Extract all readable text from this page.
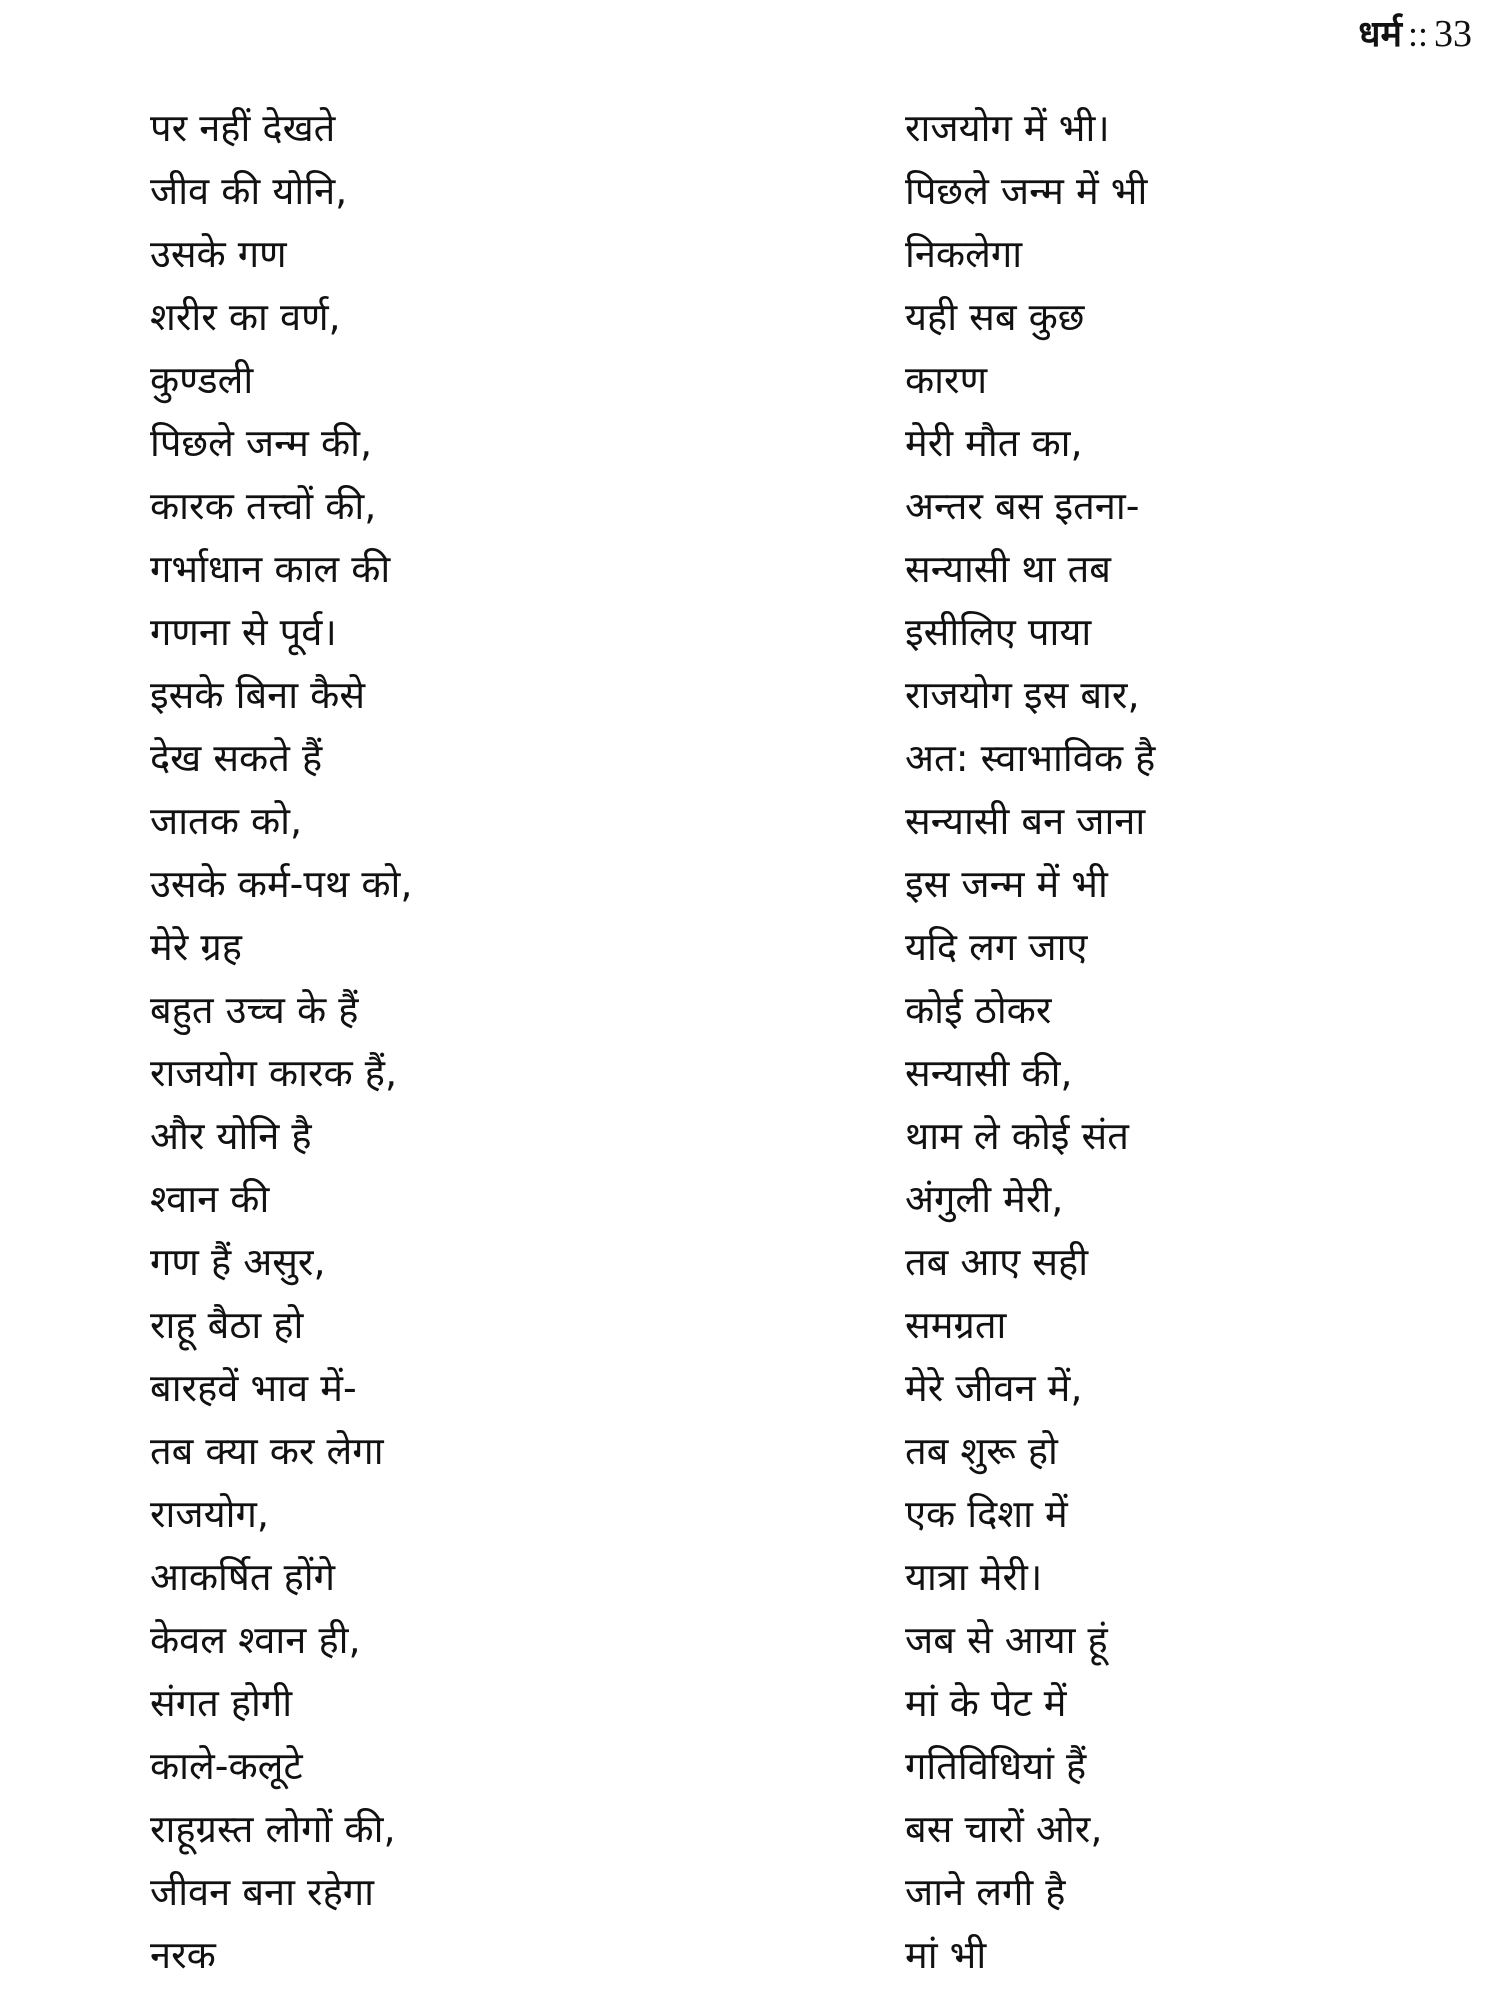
धर्म :: 33
पर नहीं देखते
जीव की योनि,
उसके गण
शरीर का वर्ण,
कुण्डली
पिछले जन्म की,
कारक तत्त्वों की,
गर्भाधान काल की
गणना से पूर्व।
इसके बिना कैसे
देख सकते हैं
जातक को,
उसके कर्म-पथ को,
मेरे ग्रह
बहुत उच्च के हैं
राजयोग कारक हैं,
और योनि है
श्वान की
गण हैं असुर,
राहू बैठा हो
बारहवें भाव में-
तब क्या कर लेगा
राजयोग,
आकर्षित होंगे
केवल श्वान ही,
संगत होगी
काले-कलूटे
राहूग्रस्त लोगों की,
जीवन बना रहेगा
नरक
राजयोग में भी।
पिछले जन्म में भी
निकलेगा
यही सब कुछ
कारण
मेरी मौत का,
अन्तर बस इतना-
सन्यासी था तब
इसीलिए पाया
राजयोग इस बार,
अत: स्वाभाविक है
सन्यासी बन जाना
इस जन्म में भी
यदि लग जाए
कोई ठोकर
सन्यासी की,
थाम ले कोई संत
अंगुली मेरी,
तब आए सही
समग्रता
मेरे जीवन में,
तब शुरू हो
एक दिशा में
यात्रा मेरी।
जब से आया हूं
मां के पेट में
गतिविधियां हैं
बस चारों ओर,
जाने लगी है
मां भी
